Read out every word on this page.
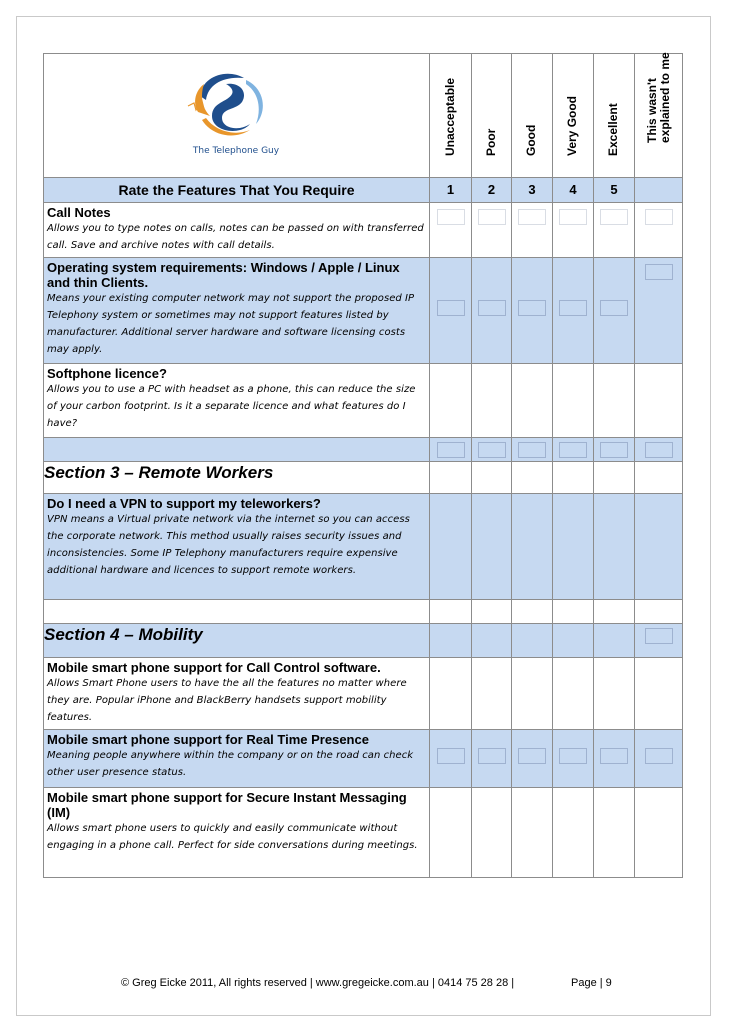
The Telephone Guy	Unacceptable	Poor	Good	Very Good	Excellent	This wasn't explained to me

Rate the Features That You Require	1	2	3	4	5	

Call Notes
Allows you to type notes on calls, notes can be passed on with transferred call. Save and archive notes with call details.						

Operating system requirements: Windows / Apple / Linux and thin Clients.
Means your existing computer network may not support the proposed IP Telephony system or sometimes may not support features listed by manufacturer. Additional server hardware and software licensing costs may apply.						

Softphone licence?
Allows you to use a PC with headset as a phone, this can reduce the size of your carbon footprint. Is it a separate licence and what features do I have?						

Section 3 – Remote Workers						

Do I need a VPN to support my teleworkers?
VPN means a Virtual private network via the internet so you can access the corporate network. This method usually raises security issues and inconsistencies. Some IP Telephony manufacturers require expensive additional hardware and licences to support remote workers.						

Section 4 – Mobility						

Mobile smart phone support for Call Control software.
Allows Smart Phone users to have the all the features no matter where they are. Popular iPhone and BlackBerry handsets support mobility features.						

Mobile smart phone support for Real Time Presence
Meaning people anywhere within the company or on the road can check other user presence status.						

Mobile smart phone support for Secure Instant Messaging (IM)
Allows smart phone users to quickly and easily communicate without engaging in a phone call. Perfect for side conversations during meetings.						

© Greg Eicke 2011, All rights reserved | www.gregeicke.com.au | 0414 75 28 28 |	Page | 9
